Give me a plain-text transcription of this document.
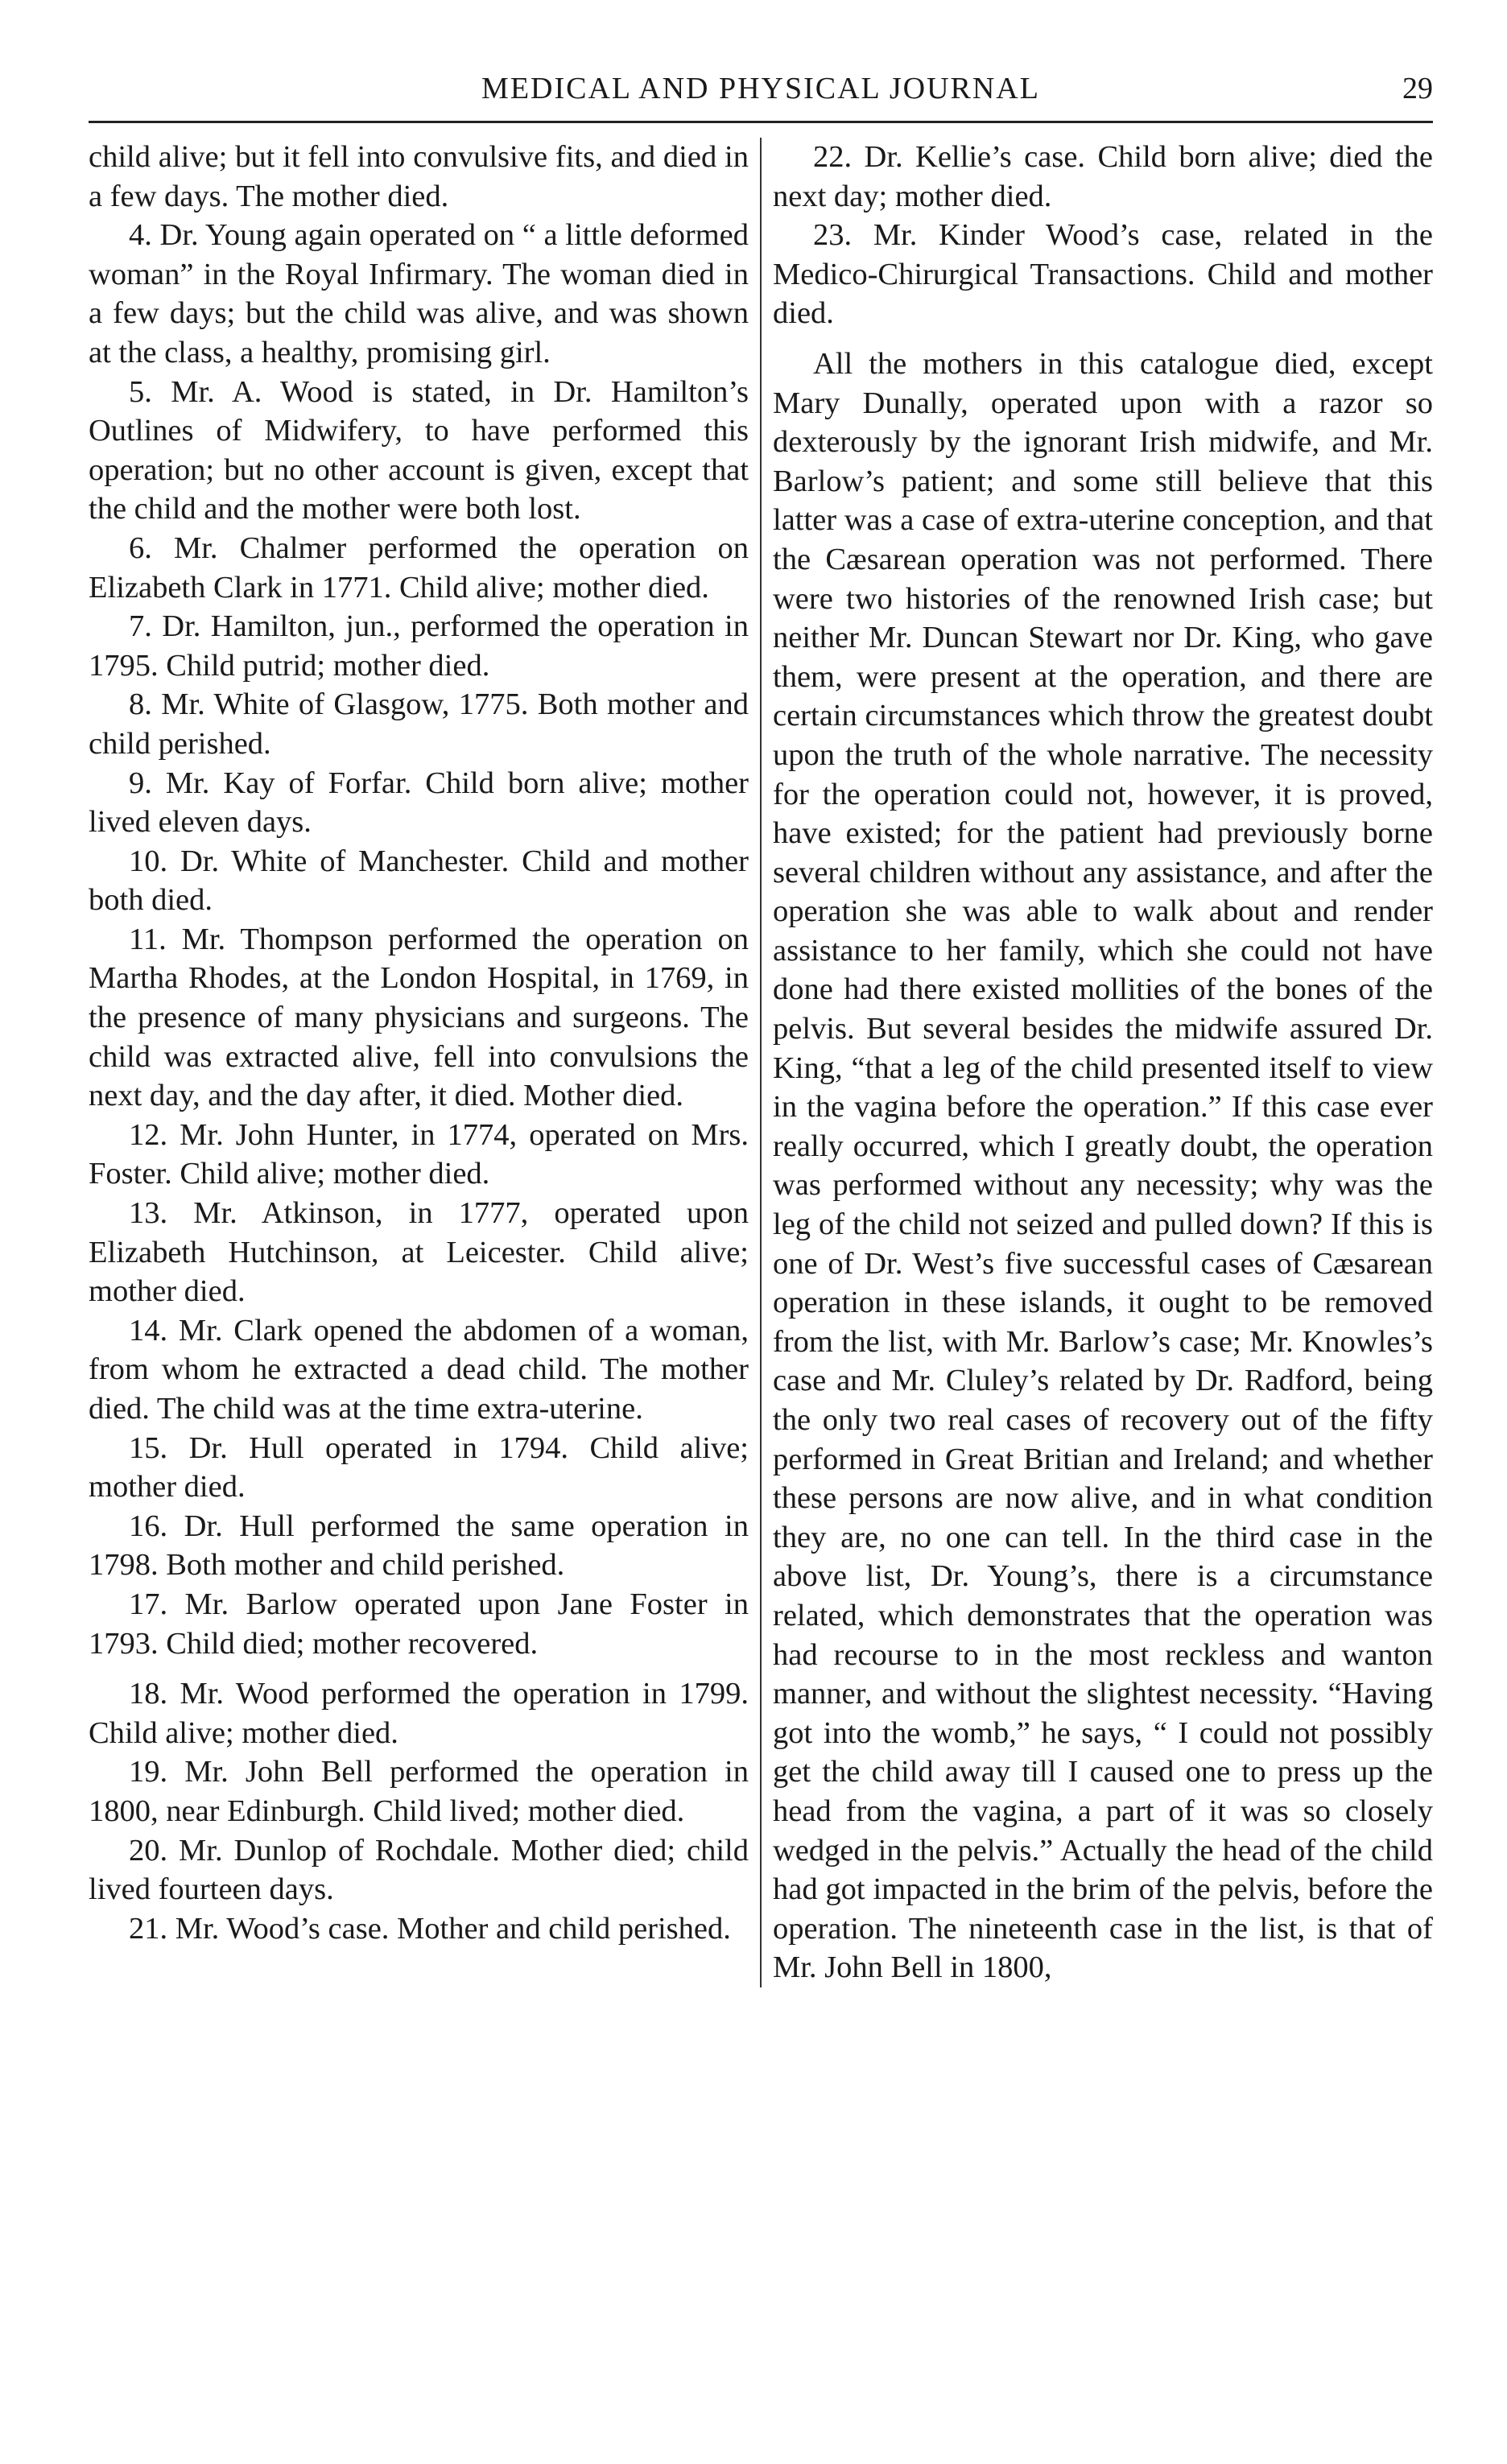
MEDICAL AND PHYSICAL JOURNAL	29

child alive; but it fell into convulsive fits, and died in a few days. The mother died.

4. Dr. Young again operated on “ a little deformed woman” in the Royal Infirmary. The woman died in a few days; but the child was alive, and was shown at the class, a healthy, promising girl.

5. Mr. A. Wood is stated, in Dr. Hamilton’s Outlines of Midwifery, to have performed this operation; but no other account is given, except that the child and the mother were both lost.

6. Mr. Chalmer performed the operation on Elizabeth Clark in 1771. Child alive; mother died.

7. Dr. Hamilton, jun., performed the operation in 1795. Child putrid; mother died.

8. Mr. White of Glasgow, 1775. Both mother and child perished.

9. Mr. Kay of Forfar. Child born alive; mother lived eleven days.

10. Dr. White of Manchester. Child and mother both died.

11. Mr. Thompson performed the operation on Martha Rhodes, at the London Hospital, in 1769, in the presence of many physicians and surgeons. The child was extracted alive, fell into convulsions the next day, and the day after, it died. Mother died.

12. Mr. John Hunter, in 1774, operated on Mrs. Foster. Child alive; mother died.

13. Mr. Atkinson, in 1777, operated upon Elizabeth Hutchinson, at Leicester. Child alive; mother died.

14. Mr. Clark opened the abdomen of a woman, from whom he extracted a dead child. The mother died. The child was at the time extra-uterine.

15. Dr. Hull operated in 1794. Child alive; mother died.

16. Dr. Hull performed the same operation in 1798. Both mother and child perished.

17. Mr. Barlow operated upon Jane Foster in 1793. Child died; mother recovered.

18. Mr. Wood performed the operation in 1799. Child alive; mother died.

19. Mr. John Bell performed the operation in 1800, near Edinburgh. Child lived; mother died.

20. Mr. Dunlop of Rochdale. Mother died; child lived fourteen days.

21. Mr. Wood’s case. Mother and child perished.

22. Dr. Kellie’s case. Child born alive; died the next day; mother died.

23. Mr. Kinder Wood’s case, related in the Medico-Chirurgical Transactions. Child and mother died.

All the mothers in this catalogue died, except Mary Dunally, operated upon with a razor so dexterously by the ignorant Irish midwife, and Mr. Barlow’s patient; and some still believe that this latter was a case of extra-uterine conception, and that the Cæsarean operation was not performed. There were two histories of the renowned Irish case; but neither Mr. Duncan Stewart nor Dr. King, who gave them, were present at the operation, and there are certain circumstances which throw the greatest doubt upon the truth of the whole narrative. The necessity for the operation could not, however, it is proved, have existed; for the patient had previously borne several children without any assistance, and after the operation she was able to walk about and render assistance to her family, which she could not have done had there existed mollities of the bones of the pelvis. But several besides the midwife assured Dr. King, “that a leg of the child presented itself to view in the vagina before the operation.” If this case ever really occurred, which I greatly doubt, the operation was performed without any necessity; why was the leg of the child not seized and pulled down? If this is one of Dr. West’s five successful cases of Cæsarean operation in these islands, it ought to be removed from the list, with Mr. Barlow’s case; Mr. Knowles’s case and Mr. Cluley’s related by Dr. Radford, being the only two real cases of recovery out of the fifty performed in Great Britian and Ireland; and whether these persons are now alive, and in what condition they are, no one can tell. In the third case in the above list, Dr. Young’s, there is a circumstance related, which demonstrates that the operation was had recourse to in the most reckless and wanton manner, and without the slightest necessity. “Having got into the womb,” he says, “ I could not possibly get the child away till I caused one to press up the head from the vagina, a part of it was so closely wedged in the pelvis.” Actually the head of the child had got impacted in the brim of the pelvis, before the operation. The nineteenth case in the list, is that of Mr. John Bell in 1800,
